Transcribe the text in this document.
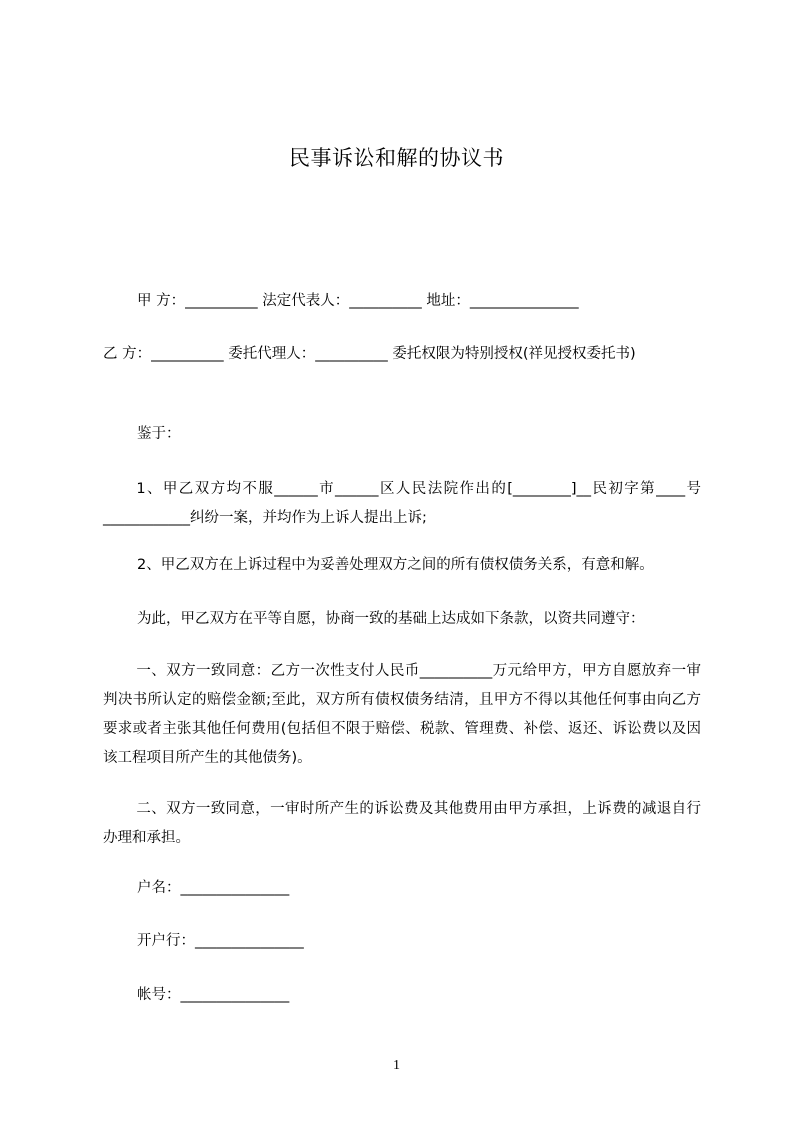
民事诉讼和解的协议书
甲 方：__________ 法定代表人：__________ 地址：_______________
乙 方：__________ 委托代理人：__________ 委托权限为特别授权(祥见授权委托书)
鉴于：
1、甲乙双方均不服______市______区人民法院作出的[________]__民初字第____号____________纠纷一案，并均作为上诉人提出上诉;
2、甲乙双方在上诉过程中为妥善处理双方之间的所有债权债务关系，有意和解。
为此，甲乙双方在平等自愿，协商一致的基础上达成如下条款，以资共同遵守：
一、双方一致同意：乙方一次性支付人民币__________万元给甲方，甲方自愿放弃一审判决书所认定的赔偿金额;至此，双方所有债权债务结清，且甲方不得以其他任何事由向乙方要求或者主张其他任何费用(包括但不限于赔偿、税款、管理费、补偿、返还、诉讼费以及因该工程项目所产生的其他债务)。
二、双方一致同意，一审时所产生的诉讼费及其他费用由甲方承担，上诉费的减退自行办理和承担。
户名：_______________
开户行：_______________
帐号：_______________
1
